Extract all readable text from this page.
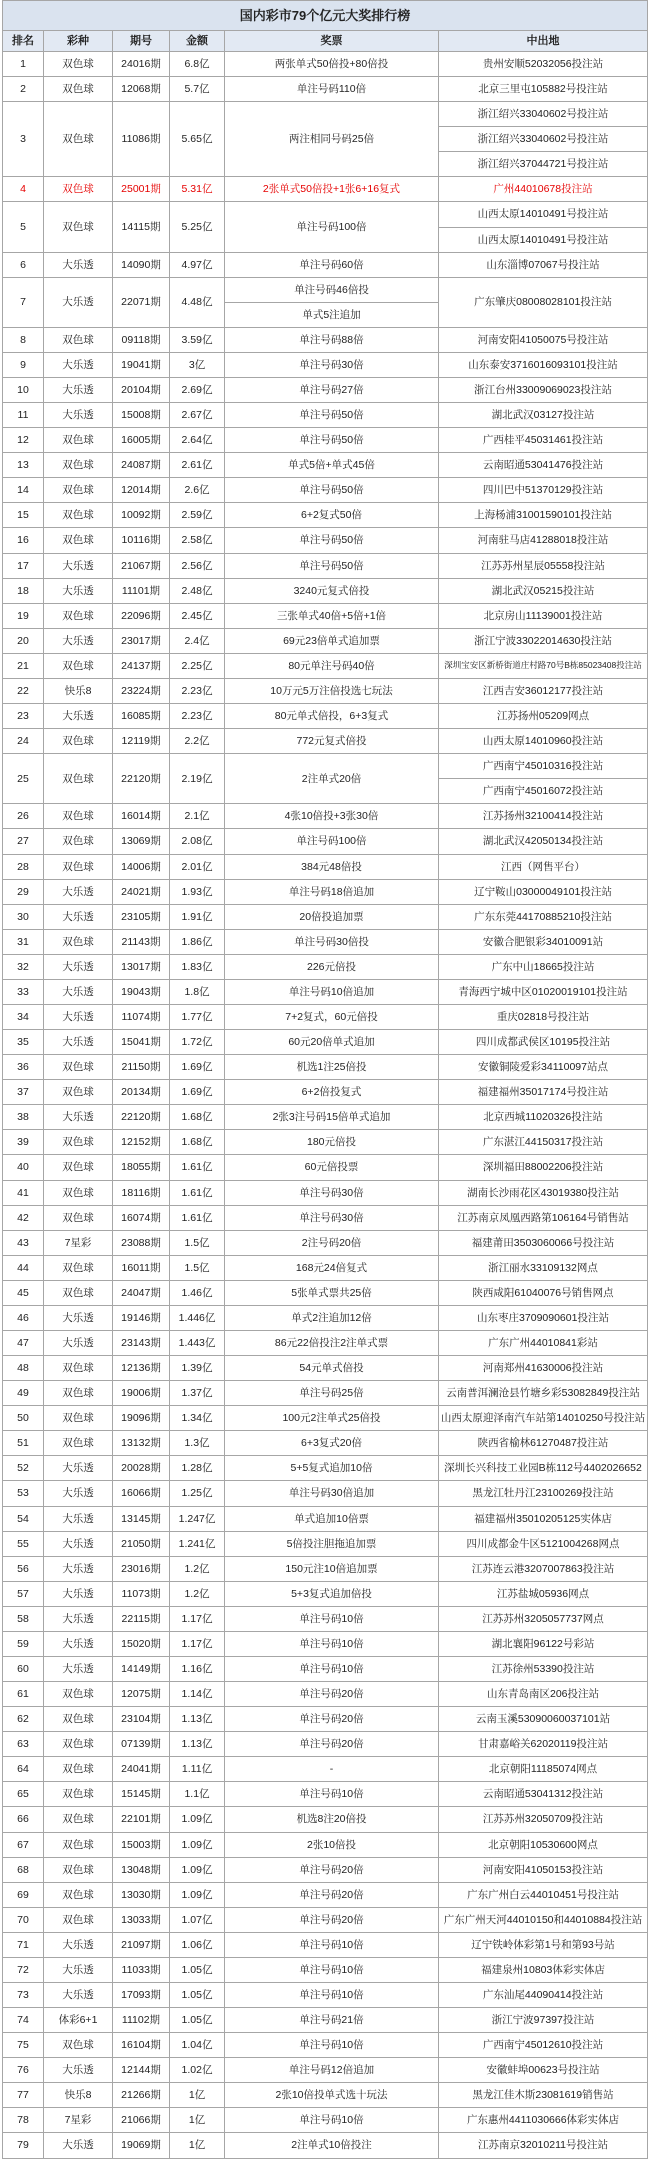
国内彩市79个亿元大奖排行榜
排名	彩种	期号	金额	奖票	中出地
1	双色球	24016期	6.8亿	两张单式50倍投+80倍投	贵州安顺52032056投注站
2	双色球	12068期	5.7亿	单注号码110倍	北京三里屯105882号投注站
3	双色球	11086期	5.65亿	两注相同号码25倍
浙江绍兴33040602号投注站
浙江绍兴33040602号投注站
浙江绍兴37044721号投注站
4	双色球	25001期	5.31亿	2张单式50倍投+1张6+16复式	广州44010678投注站
5	双色球	14115期	5.25亿	单注号码100倍
山西太原14010491号投注站
山西太原14010491号投注站
6	大乐透	14090期	4.97亿	单注号码60倍	山东淄博07067号投注站
7	大乐透	22071期	4.48亿
单注号码46倍投
单式5注追加
广东肇庆08008028101投注站
8	双色球	09118期	3.59亿	单注号码88倍	河南安阳41050075号投注站
9	大乐透	19041期	3亿	单注号码30倍	山东泰安3716016093101投注站
10	大乐透	20104期	2.69亿	单注号码27倍	浙江台州33009069023投注站
11	大乐透	15008期	2.67亿	单注号码50倍	湖北武汉03127投注站
12	双色球	16005期	2.64亿	单注号码50倍	广西桂平45031461投注站
13	双色球	24087期	2.61亿	单式5倍+单式45倍	云南昭通53041476投注站
14	双色球	12014期	2.6亿	单注号码50倍	四川巴中51370129投注站
15	双色球	10092期	2.59亿	6+2复式50倍	上海杨浦31001590101投注站
16	双色球	10116期	2.58亿	单注号码50倍	河南驻马店41288018投注站
17	大乐透	21067期	2.56亿	单注号码50倍	江苏苏州星辰05558投注站
18	大乐透	11101期	2.48亿	3240元复式倍投	湖北武汉05215投注站
19	双色球	22096期	2.45亿	三张单式40倍+5倍+1倍	北京房山11139001投注站
20	大乐透	23017期	2.4亿	69元23倍单式追加票	浙江宁波33022014630投注站
21	双色球	24137期	2.25亿	80元单注号码40倍	深圳宝安区新桥街道庄村路70号B栋85023408投注站
22	快乐8	23224期	2.23亿	10万元5万注倍投选七玩法	江西吉安36012177投注站
23	大乐透	16085期	2.23亿	80元单式倍投，6+3复式	江苏扬州05209网点
24	双色球	12119期	2.2亿	772元复式倍投	山西太原14010960投注站
25	双色球	22120期	2.19亿	2注单式20倍
广西南宁45010316投注站
广西南宁45016072投注站
26	双色球	16014期	2.1亿	4张10倍投+3张30倍	江苏扬州32100414投注站
27	双色球	13069期	2.08亿	单注号码100倍	湖北武汉42050134投注站
28	双色球	14006期	2.01亿	384元48倍投	江西（网售平台）
29	大乐透	24021期	1.93亿	单注号码18倍追加	辽宁鞍山03000049101投注站
30	大乐透	23105期	1.91亿	20倍投追加票	广东东莞44170885210投注站
31	双色球	21143期	1.86亿	单注号码30倍投	安徽合肥银彩34010091站
32	大乐透	13017期	1.83亿	226元倍投	广东中山18665投注站
33	大乐透	19043期	1.8亿	单注号码10倍追加	青海西宁城中区01020019101投注站
34	大乐透	11074期	1.77亿	7+2复式，60元倍投	重庆02818号投注站
35	大乐透	15041期	1.72亿	60元20倍单式追加	四川成都武侯区10195投注站
36	双色球	21150期	1.69亿	机选1注25倍投	安徽铜陵爱彩34110097站点
37	双色球	20134期	1.69亿	6+2倍投复式	福建福州35017174号投注站
38	大乐透	22120期	1.68亿	2张3注号码15倍单式追加	北京西城11020326投注站
39	双色球	12152期	1.68亿	180元倍投	广东湛江44150317投注站
40	双色球	18055期	1.61亿	60元倍投票	深圳福田88002206投注站
41	双色球	18116期	1.61亿	单注号码30倍	湖南长沙雨花区43019380投注站
42	双色球	16074期	1.61亿	单注号码30倍	江苏南京凤凰西路第106164号销售站
43	7星彩	23088期	1.5亿	2注号码20倍	福建莆田3503060066号投注站
44	双色球	16011期	1.5亿	168元24倍复式	浙江丽水33109132网点
45	双色球	24047期	1.46亿	5张单式票共25倍	陕西咸阳61040076号销售网点
46	大乐透	19146期	1.446亿	单式2注追加12倍	山东枣庄3709090601投注站
47	大乐透	23143期	1.443亿	86元22倍投注2注单式票	广东广州44010841彩站
48	双色球	12136期	1.39亿	54元单式倍投	河南郑州41630006投注站
49	双色球	19006期	1.37亿	单注号码25倍	云南普洱澜沧县竹塘乡彩53082849投注站
50	双色球	19096期	1.34亿	100元2注单式25倍投	山西太原迎泽南汽车站第14010250号投注站
51	双色球	13132期	1.3亿	6+3复式20倍	陕西省榆林61270487投注站
52	大乐透	20028期	1.28亿	5+5复式追加10倍	深圳长兴科技工业园B栋112号4402026652
53	大乐透	16066期	1.25亿	单注号码30倍追加	黑龙江牡丹江23100269投注站
54	大乐透	13145期	1.247亿	单式追加10倍票	福建福州35010205125实体店
55	大乐透	21050期	1.241亿	5倍投注胆拖追加票	四川成都金牛区5121004268网点
56	大乐透	23016期	1.2亿	150元注10倍追加票	江苏连云港3207007863投注站
57	大乐透	11073期	1.2亿	5+3复式追加倍投	江苏盐城05936网点
58	大乐透	22115期	1.17亿	单注号码10倍	江苏苏州3205057737网点
59	大乐透	15020期	1.17亿	单注号码10倍	湖北襄阳96122号彩站
60	大乐透	14149期	1.16亿	单注号码10倍	江苏徐州53390投注站
61	双色球	12075期	1.14亿	单注号码20倍	山东青岛南区206投注站
62	双色球	23104期	1.13亿	单注号码20倍	云南玉溪53090060037101站
63	双色球	07139期	1.13亿	单注号码20倍	甘肃嘉峪关62020119投注站
64	双色球	24041期	1.11亿	-	北京朝阳11185074网点
65	双色球	15145期	1.1亿	单注号码10倍	云南昭通53041312投注站
66	双色球	22101期	1.09亿	机选8注20倍投	江苏苏州32050709投注站
67	双色球	15003期	1.09亿	2张10倍投	北京朝阳10530600网点
68	双色球	13048期	1.09亿	单注号码20倍	河南安阳41050153投注站
69	双色球	13030期	1.09亿	单注号码20倍	广东广州白云44010451号投注站
70	双色球	13033期	1.07亿	单注号码20倍	广东广州天河44010150和44010884投注站
71	大乐透	21097期	1.06亿	单注号码10倍	辽宁铁岭体彩第1号和第93号站
72	大乐透	11033期	1.05亿	单注号码10倍	福建泉州10803体彩实体店
73	大乐透	17093期	1.05亿	单注号码10倍	广东汕尾44090414投注站
74	体彩6+1	11102期	1.05亿	单注号码21倍	浙江宁波97397投注站
75	双色球	16104期	1.04亿	单注号码10倍	广西南宁45012610投注站
76	大乐透	12144期	1.02亿	单注号码12倍追加	安徽蚌埠00623号投注站
77	快乐8	21266期	1亿	2张10倍投单式选十玩法	黑龙江佳木斯23081619销售站
78	7星彩	21066期	1亿	单注号码10倍	广东惠州4411030666体彩实体店
79	大乐透	19069期	1亿	2注单式10倍投注	江苏南京32010211号投注站
